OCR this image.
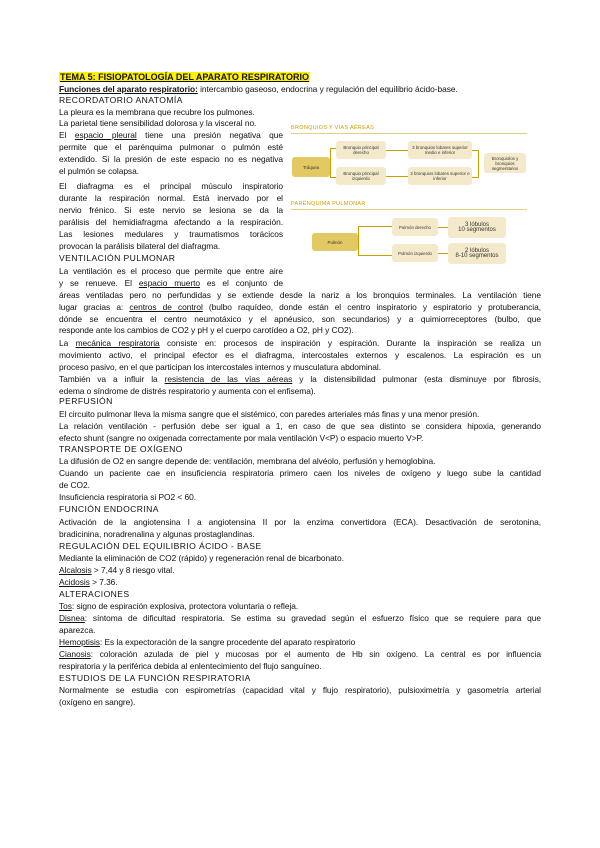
TEMA 5: FISIOPATOLOGÍA DEL APARATO RESPIRATORIO
Funciones del aparato respiratorio: intercambio gaseoso, endocrina y regulación del equilibrio ácido-base.
RECORDATORIO ANATOMÍA
La pleura es la membrana que recubre los pulmones.
La parietal tiene sensibilidad dolorosa y la visceral no.
El espacio pleural tiene una presión negativa que
permite que el parénquima pulmonar o pulmón esté
extendido. Si la presión de este espacio no es negativa
el pulmón se colapsa.
El diafragma es el principal músculo inspiratorio
durante la respiración normal. Está inervado por el
nervio frénico. Si este nervio se lesiona se da la
parálisis del hemidiafragma afectando a la respiración.
Las lesiones medulares y traumatismos torácicos
provocan la parálisis bilateral del diafragma.
VENTILACIÓN PULMONAR
La ventilación es el proceso que permite que entre aire
y se renueve. El espacio muerto es el conjunto de
áreas ventiladas pero no perfundidas y se extiende desde la nariz a los bronquios terminales. La ventilación tiene
lugar gracias a: centros de control (bulbo raquídeo, donde están el centro inspiratorio y espiratorio y protuberancia,
dónde se encuentra el centro neumotáxico y el apnéusico, son secundarios) y a quimiorreceptores (bulbo, que
responde ante los cambios de CO2 y pH y el cuerpo carotídeo a O2, pH y CO2).
La mecánica respiratoria consiste en: procesos de inspiración y espiración. Durante la inspiración se realiza un
movimiento activo, el principal efector es el diafragma, intercostales externos y escalenos. La espiración es un
proceso pasivo, en el que participan los intercostales internos y musculatura abdominal.
También va a influir la resistencia de las vías aéreas y la distensibilidad pulmonar (esta disminuye por fibrosis,
edema o síndrome de distrés respiratorio y aumenta con el enfisema).
PERFUSIÓN
El circuito pulmonar lleva la misma sangre que el sistémico, con paredes arteriales más finas y una menor presión.
La relación ventilación - perfusión debe ser igual a 1, en caso de que sea distinto se considera hipoxia, generando
efecto shunt (sangre no oxigenada correctamente por mala ventilación V<P) o espacio muerto V>P.
TRANSPORTE DE OXÍGENO
La difusión de O2 en sangre depende de: ventilación, membrana del alvéolo, perfusión y hemoglobina.
Cuando un paciente cae en insuficiencia respiratoria primero caen los niveles de oxígeno y luego sube la cantidad
de CO2.
Insuficiencia respiratoria si PO2 < 60.
FUNCIÓN ENDOCRINA
Activación de la angiotensina I a angiotensina II por la enzima convertidora (ECA). Desactivación de serotonina,
bradicinina, noradrenalina y algunas prostaglandinas.
REGULACIÓN DEL EQUILIBRIO ÁCIDO - BASE
Mediante la eliminación de CO2 (rápido) y regeneración renal de bicarbonato.
Alcalosis > 7,44 y 8 riesgo vital.
Acidosis > 7.36.
ALTERACIONES
Tos: signo de espiración explosiva, protectora voluntaria o refleja.
Disnea: síntoma de dificultad respiratoria. Se estima su gravedad según el esfuerzo físico que se requiere para que
aparezca.
Hemoptisis: Es la expectoración de la sangre procedente del aparato respiratorio
Cianosis: coloración azulada de piel y mucosas por el aumento de Hb sin oxígeno. La central es por influencia
respiratoria y la periférica debida al enlentecimiento del flujo sanguíneo.
ESTUDIOS DE LA FUNCIÓN RESPIRATORIA
Normalmente se estudia con espirometrías (capacidad vital y flujo respiratorio), pulsioximetría y gasometría arterial
(oxígeno en sangre).
BRONQUIOS Y VÍAS AÉREAS
Tráquea
Bronquio principal derecho
Bronquio principal izquierdo
3 bronquios lobares superior medio e inferior
2 bronquios lobares superior e inferior
Bronquiolos y bronquios segmentarios
PARÉNQUIMA PULMONAR
Pulmón
Pulmón derecho
Pulmón izquierdo
3 lóbulos
10 segmentos
2 lóbulos
8-10 segmentos
